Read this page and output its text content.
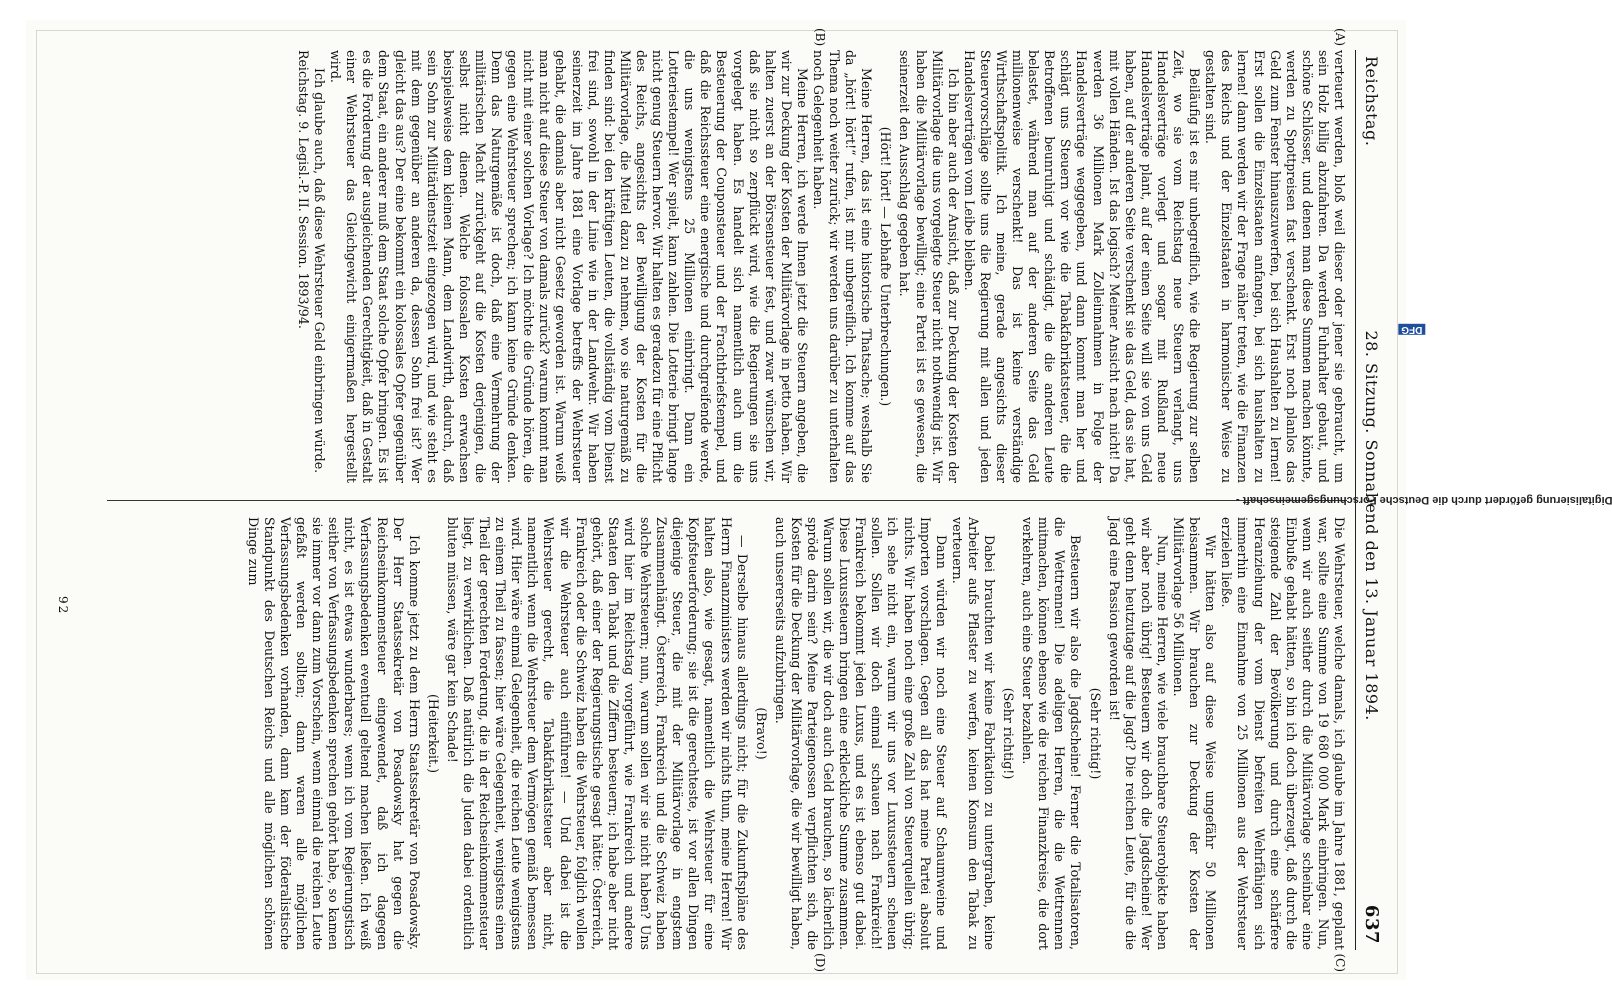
Reichstag.
28. Sitzung. Sonnabend den 13. Januar 1894.
637
(A)
(B)
(C)
(D)

verteuert werden, bloß weil dieser oder jener sie gebraucht, um sein Holz billig abzufahren. Da werden Fuhrhalter gebaut, und schöne Schlösser, und denen man diese Summen machen könnte, werden zu Spottpreisen fast verschenkt. Erst noch planlos das Geld zum Fenster hinauszuwerfen, bei sich Haushalten zu lernen! Erst sollen die Einzelstaaten anfangen, bei sich haushalten zu lernen! dann werden wir der Frage näher treten, wie die Finanzen des Reichs und der Einzelstaaten in harmonischer Weise zu gestalten sind.

Beiläufig ist es mir unbegreiflich, wie die Regierung zur selben Zeit, wo sie vom Reichstag neue Steuern verlangt, uns Handelsverträge vorlegt und sogar mit Rußland neue Handelsverträge plant, auf der einen Seite will sie von uns Geld haben, auf der anderen Seite verschenkt sie das Geld, das sie hat, mit vollen Händen. Ist das logisch? Meiner Ansicht nach nicht! Da werden 36 Millionen Mark Zolleinnahmen in Folge der Handelsverträge weggegeben, und dann kommt man her und schlägt uns Steuern vor wie die Tabakfabrikatsteuer, die die Betroffenen beunruhigt und schädigt, die die anderen Leute belastet, während man auf der anderen Seite das Geld millionenweise verschenkt! Das ist keine verständige Wirthschaftspolitik. Ich meine, gerade angesichts dieser Steuervorschläge sollte uns die Regierung mit allen und jeden Handelsverträgen vom Leibe bleiben.

Ich bin aber auch der Ansicht, daß zur Deckung der Kosten der Militärvorlage die uns vorgelegte Steuer nicht nothwendig ist. Wir haben die Militärvorlage bewilligt; eine Partei ist es gewesen, die seinerzeit den Ausschlag gegeben hat.

(Hört! hört! — Lebhafte Unterbrechungen.)

Meine Herren, das ist eine historische Thatsache; weshalb Sie da „hört! hört!“ rufen, ist mir unbegreiflich. Ich komme auf das Thema noch weiter zurück; wir werden uns darüber zu unterhalten noch Gelegenheit haben.

Meine Herren, ich werde Ihnen jetzt die Steuern angeben, die wir zur Deckung der Kosten der Militärvorlage in petto haben. Wir halten zuerst an der Börsensteuer fest, und zwar wünschen wir, daß sie nicht so zerpflückt wird, wie die Regierungen sie uns vorgelegt haben. Es handelt sich namentlich auch um die Besteuerung der Couponsteuer und der Frachtbriefstempel, und daß die Reichssteuer eine energische und durchgreifende werde, die uns wenigstens 25 Millionen einbringt. Dann ein Lotteriestempel! Wer spielt, kann zahlen. Die Lotterie bringt lange nicht genug Steuern hervor. Wir halten es geradezu für eine Pflicht des Reichs, angesichts der Bewilligung der Kosten für die Militärvorlage, die Mittel dazu zu nehmen, wo sie naturgemäß zu finden sind: bei den kräftigen Leuten, die vollständig vom Dienst frei sind, sowohl in der Linie wie in der Landwehr. Wir haben seinerzeit im Jahre 1881 eine Vorlage betreffs der Wehrsteuer gehabt, die damals aber nicht Gesetz geworden ist. Warum weiß man nicht auf diese Steuer von damals zurück? warum kommt man nicht mit einer solchen Vorlage? Ich möchte die Gründe hören, die gegen eine Wehrsteuer sprechen; ich kann keine Gründe denken. Denn das Naturgemäße ist doch, daß eine Vermehrung der militärischen Macht zurückgeht auf die Kosten derjenigen, die selbst nicht dienen. Welche folossalen Kosten erwachsen beispielsweise dem kleinen Mann, dem Landwirth, dadurch, daß sein Sohn zur Militärdienstzeit eingezogen wird, und wie steht es mit dem gegenüber an anderen da, dessen Sohn frei ist? Wer gleicht das aus? Der eine bekommt ein kolossales Opfer gegenüber dem Staat, ein anderer muß dem Staat solche Opfer bringen. Es ist es die Forderung der ausgleichenden Gerechtigkeit, daß in Gestalt einer Wehrsteuer das Gleichgewicht einigermaßen hergestellt wird.

Ich glaube auch, daß diese Wehrsteuer Geld einbringen würde.

Reichstag. 9. Legisl.-P. II. Session. 1893/94.

Die Wehrsteuer, welche damals, ich glaube im Jahre 1881, geplant war, sollte eine Summe von 19 680 000 Mark einbringen. Nun, wenn wir auch seither durch die Militärvorlage scheinbar eine Einbuße gehabt hätten, so bin ich doch überzeugt, daß durch die steigende Zahl der Bevölkerung und durch eine schärfere Heranziehung der vom Dienst befreiten Wehrfähigen sich immerhin eine Einnahme von 25 Millionen aus der Wehrsteuer erzielen ließe.

Wir hätten also auf diese Weise ungefähr 50 Millionen beisammen. Wir brauchen zur Deckung der Kosten der Militärvorlage 56 Millionen.

Nun, meine Herren, wie viele brauchbare Steuerobjekte haben wir aber noch übrig! Besteuern wir doch die Jagdscheine! Wer geht denn heutzutage auf die Jagd? Die reichen Leute, für die die Jagd eine Passion geworden ist!

(Sehr richtig!)

Besteuern wir also die Jagdscheine! Ferner die Totalisatoren, die Wettrennen! Die adeligen Herren, die die Wettrennen mitmachen, können ebenso wie die reichen Finanzkreise, die dort verkehren, auch eine Steuer bezahlen.

(Sehr richtig!)

Dabei brauchten wir keine Fabrikation zu untergraben, keine Arbeiter aufs Pflaster zu werfen, keinen Konsum den Tabak zu verteuern.

Dann würden wir noch eine Steuer auf Schaumweine und Importen vorschlagen. Gegen all das hat meine Partei absolut nichts. Wir haben noch eine große Zahl von Steuerquellen übrig; ich sehe nicht ein, warum wir uns vor Luxussteuern scheuen sollen. Sollen wir doch einmal schauen nach Frankreich! Frankreich bekommt jeden Luxus, und es ist ebenso gut dabei. Diese Luxussteuern bringen eine erkleckliche Summe zusammen. Warum sollen wir, die wir doch auch Geld brauchen, so lächerlich spröde darin sein? Meine Parteigenossen verpflichten sich, die Kosten für die Deckung der Militärvorlage, die wir bewilligt haben, auch unsererseits aufzubringen.

(Bravo!)

— Derselbe hinaus allerdings nicht; für die Zukunftspläne des Herrn Finanzministers werden wir nichts thun, meine Herren! Wir halten also, wie gesagt, namentlich die Wehrsteuer für eine Kopfsteuerforderung; sie ist die gerechteste, ist vor allen Dingen diejenige Steuer, die mit der Militärvorlage in engstem Zusammenhängt. Österreich, Frankreich und die Schweiz haben solche Wehrsteuern; nun, warum sollen wir sie nicht haben? Uns wird hier im Reichstag vorgeführt, wie Frankreich und andere Staaten den Tabak und die Ziffern besteuern; ich habe aber nicht gehört, daß einer der Regierungstische gesagt hätte: Österreich, Frankreich oder die Schweiz haben die Wehrsteuer, folglich wollen wir die Wehrsteuer auch einführen! — Und dabei ist die Wehrsteuer gerecht, die Tabakfabrikatsteuer aber nicht, namentlich wenn die Wehrsteuer dem Vermögen gemäß bemessen wird. Hier wäre einmal Gelegenheit, die reichen Leute wenigstens zu einem Theil zu fassen; hier wäre Gelegenheit, wenigstens einen Theil der gerechten Forderung, die in der Reichseinkommensteuer liegt, zu verwirklichen. Daß natürlich die Juden dabei ordentlich bluten müssen, wäre gar kein Schade!

(Heiterkeit.)

Ich komme jetzt zu dem Herrn Staatssekretär von Posadowsky. Der Herr Staatssekretär von Posadowsky hat gegen die Reichseinkommensteuer eingewendet, daß ich dagegen Verfassungsbedenken eventuell geltend machen ließen. Ich weiß nicht, es ist etwas wunderbares; wenn ich vom Regierungstisch seither von Verfassungsbedenken sprechen gehört habe, so kamen sie immer vor dann zum Vorschein, wenn einmal die reichen Leute gefaßt werden sollten; dann waren alle möglichen Verfassungsbedenken vorhanden, dann kam der föderalistische Standpunkt des Deutschen Reichs und alle möglichen schönen Dinge zum

92
Digitalisierung gefördert durch die Deutsche Forschungsgemeinschaft -
DFG
